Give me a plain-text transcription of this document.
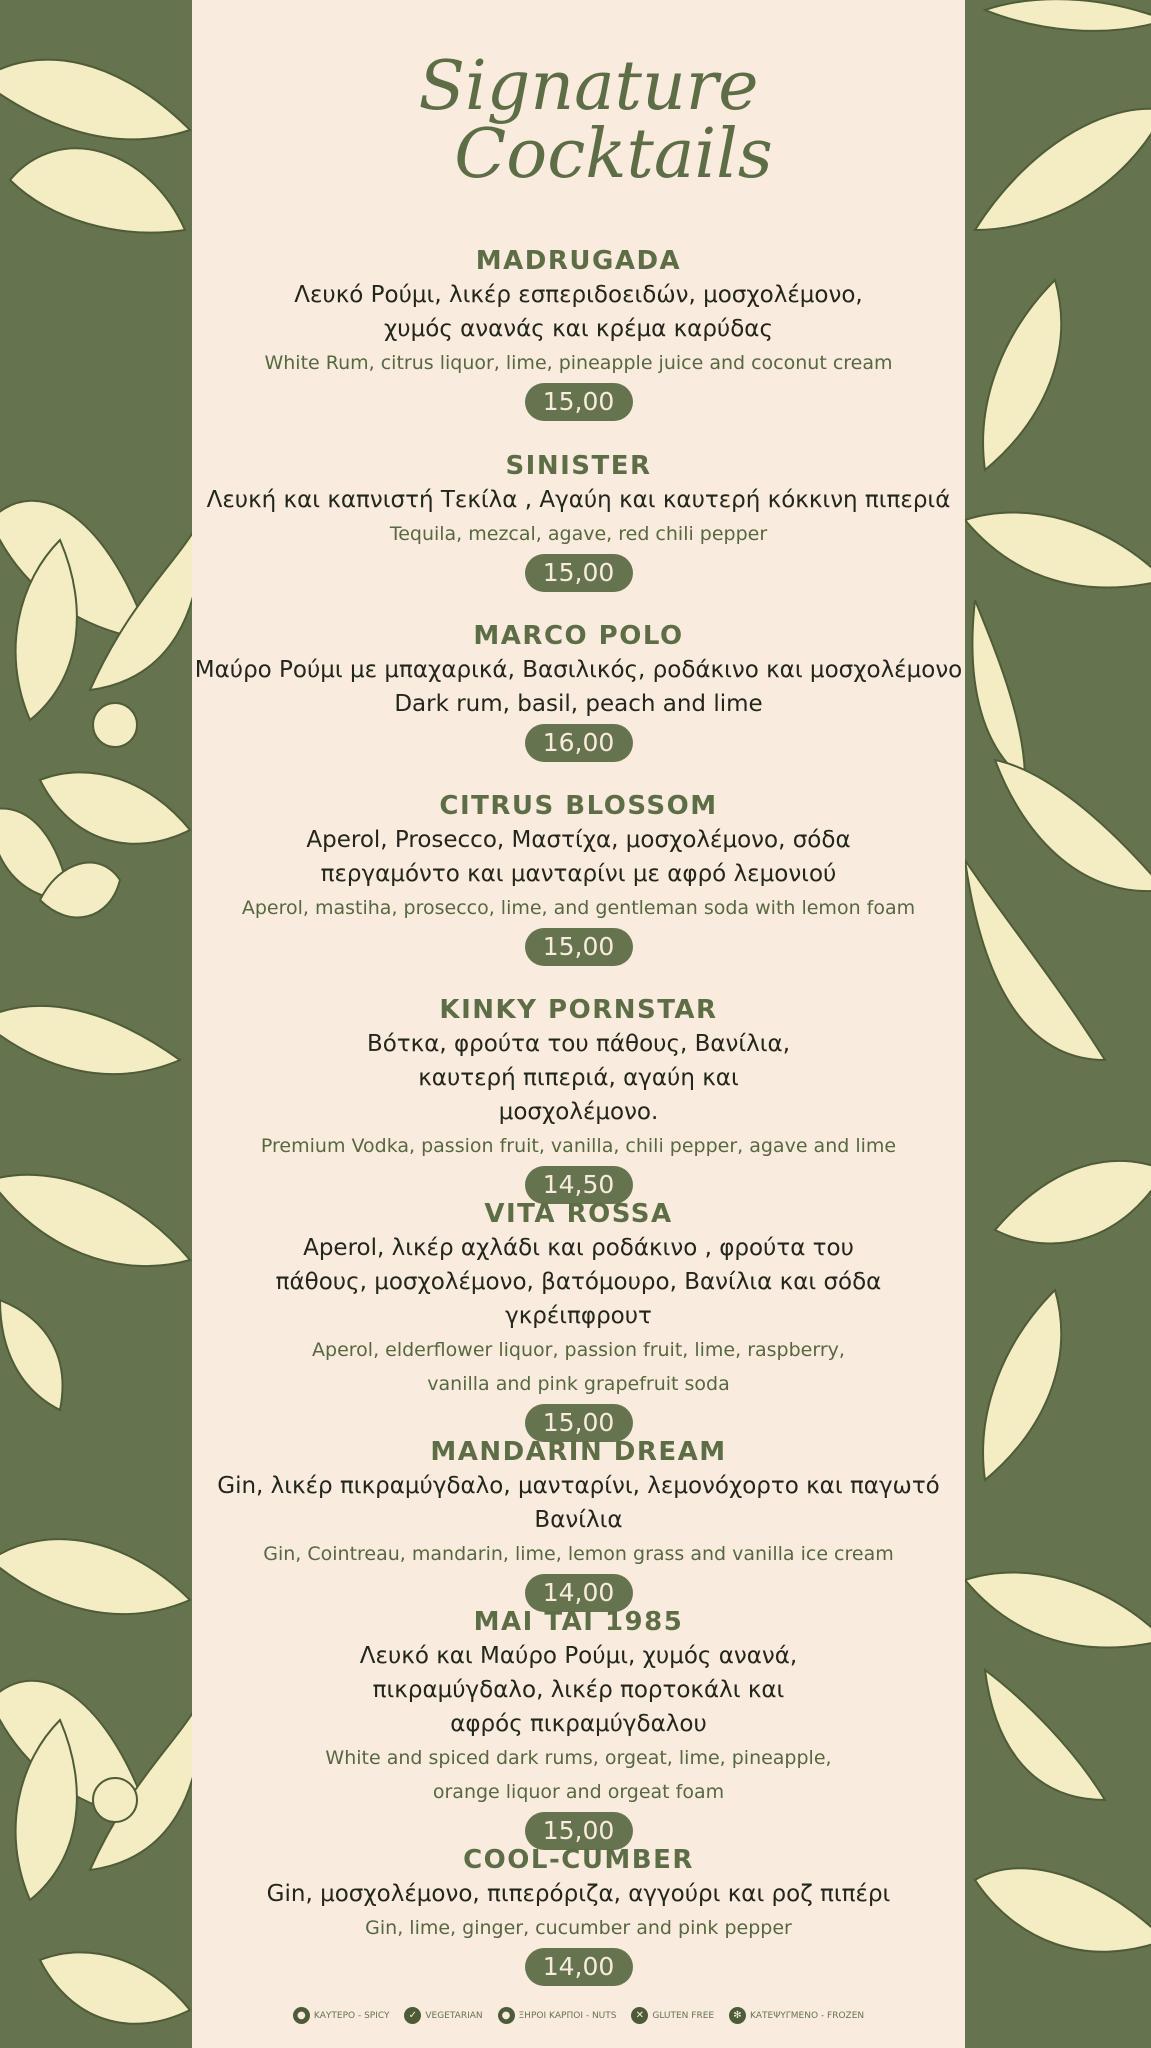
Signature
Cocktails
MADRUGADA
Λευκό Ρούμι, λικέρ εσπεριδοειδών, μοσχολέμονο, χυμός ανανάς και κρέμα καρύδας
White Rum, citrus liquor, lime, pineapple juice and coconut cream
15,00
SINISTER
Λευκή και καπνιστή Τεκίλα , Αγαύη και καυτερή κόκκινη πιπεριά
Tequila, mezcal, agave, red chili pepper
15,00
MARCO POLO
Μαύρο Ρούμι με μπαχαρικά, Βασιλικός, ροδάκινο και μοσχολέμονο
Dark rum, basil, peach and lime
16,00
CITRUS BLOSSOM
Aperol, Prosecco, Μαστίχα, μοσχολέμονο, σόδα περγαμόντο και μανταρίνι με αφρό λεμονιού
Aperol, mastiha, prosecco, lime, and gentleman soda with lemon foam
15,00
KINKY PORNSTAR
Βότκα, φρούτα του πάθους, Βανίλια, καυτερή πιπεριά, αγαύη και μοσχολέμονο.
Premium Vodka, passion fruit, vanilla, chili pepper, agave and lime
14,50
VITA ROSSA
Aperol, λικέρ αχλάδι και ροδάκινο , φρούτα του πάθους, μοσχολέμονο, βατόμουρο, Βανίλια και σόδα γκρέιπφρουτ
Aperol, elderflower liquor, passion fruit, lime, raspberry, vanilla and pink grapefruit soda
15,00
MANDARIN DREAM
Gin, λικέρ πικραμύγδαλο, μανταρίνι, λεμονόχορτο και παγωτό Βανίλια
Gin, Cointreau, mandarin, lime, lemon grass and vanilla ice cream
14,00
MAI TAI 1985
Λευκό και Μαύρο Ρούμι, χυμός ανανά, πικραμύγδαλο, λικέρ πορτοκάλι και αφρός πικραμύγδαλου
White and spiced dark rums, orgeat, lime, pineapple, orange liquor and orgeat foam
15,00
COOL-CUMBER
Gin, μοσχολέμονο, πιπερόριζα, αγγούρι και ροζ πιπέρι
Gin, lime, ginger, cucumber and pink pepper
14,00
● ΚΑΥΤΕΡΟ - SPICY ✓ VEGETARIAN ● ΞΗΡΟΙ ΚΑΡΠΟΙ - NUTS ✕ GLUTEN FREE ✻ ΚΑΤΕΨΥΓΜΕΝΟ - FROZEN
